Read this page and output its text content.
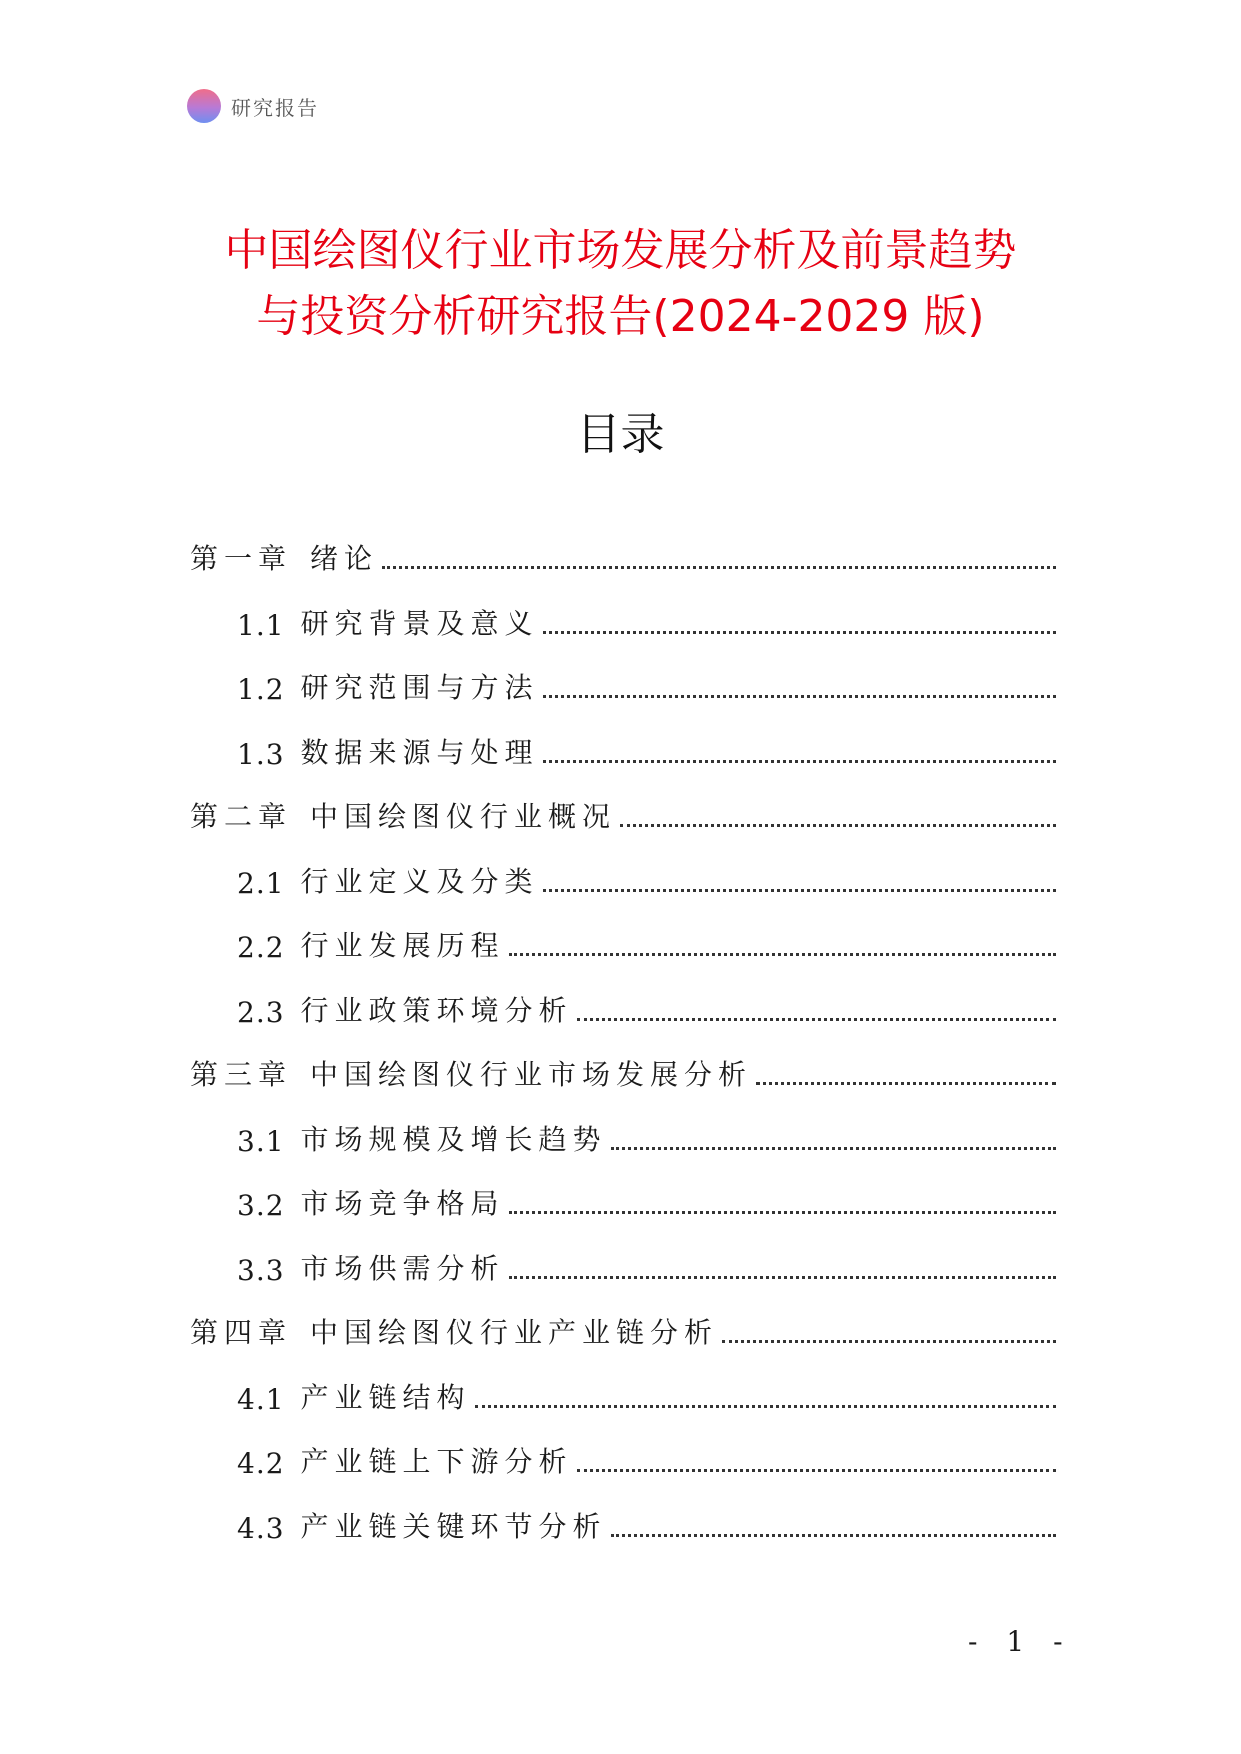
研究报告
中国绘图仪行业市场发展分析及前景趋势
与投资分析研究报告(2024-2029 版)
目录
第一章 绪论
1.1 研究背景及意义
1.2 研究范围与方法
1.3 数据来源与处理
第二章 中国绘图仪行业概况
2.1 行业定义及分类
2.2 行业发展历程
2.3 行业政策环境分析
第三章 中国绘图仪行业市场发展分析
3.1 市场规模及增长趋势
3.2 市场竞争格局
3.3 市场供需分析
第四章 中国绘图仪行业产业链分析
4.1 产业链结构
4.2 产业链上下游分析
4.3 产业链关键环节分析
- 1 -
